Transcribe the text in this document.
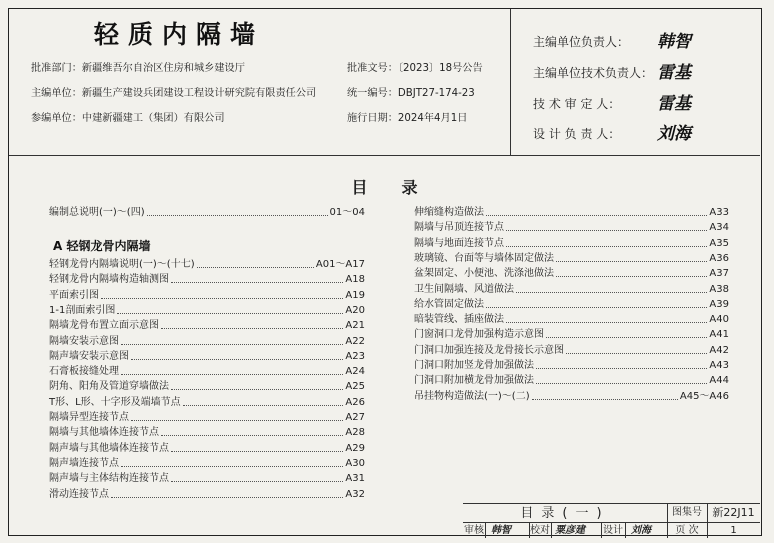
轻质内隔墙
批准部门：新疆维吾尔自治区住房和城乡建设厅	批准文号：〔2023〕18号公告
主编单位：新疆生产建设兵团建设工程设计研究院有限责任公司	统一编号：DBJT27-174-23
参编单位：中建新疆建工（集团）有限公司	施行日期：2024年4月1日
主编单位负责人： 韩智
主编单位技术负责人： 雷基
技 术 审 定 人： 雷基
设 计 负 责 人： 刘海
目录
编制总说明(一)～(四)	01～04
A 轻钢龙骨内隔墙
轻钢龙骨内隔墙说明(一)～(十七)	A01～A17
轻钢龙骨内隔墙构造轴测图	A18
平面索引图	A19
1-1剖面索引图	A20
隔墙龙骨布置立面示意图	A21
隔墙安装示意图	A22
隔声墙安装示意图	A23
石膏板接缝处理	A24
阴角、阳角及管道穿墙做法	A25
T形、L形、十字形及端墙节点	A26
隔墙异型连接节点	A27
隔墙与其他墙体连接节点	A28
隔声墙与其他墙体连接节点	A29
隔声墙连接节点	A30
隔声墙与主体结构连接节点	A31
滑动连接节点	A32
伸缩缝构造做法	A33
隔墙与吊顶连接节点	A34
隔墙与地面连接节点	A35
玻璃镜、台面等与墙体固定做法	A36
盆架固定、小便池、洗涤池做法	A37
卫生间隔墙、风道做法	A38
给水管固定做法	A39
暗装管线、插座做法	A40
门窗洞口龙骨加强构造示意图	A41
门洞口加强连接及龙骨接长示意图	A42
门洞口附加竖龙骨加强做法	A43
门洞口附加横龙骨加强做法	A44
吊挂物构造做法(一)～(二)	A45～A46
目录(一)	图集号 新22J11
审核 韩智 校对 粟彦建 设计 刘海	页 次	1
